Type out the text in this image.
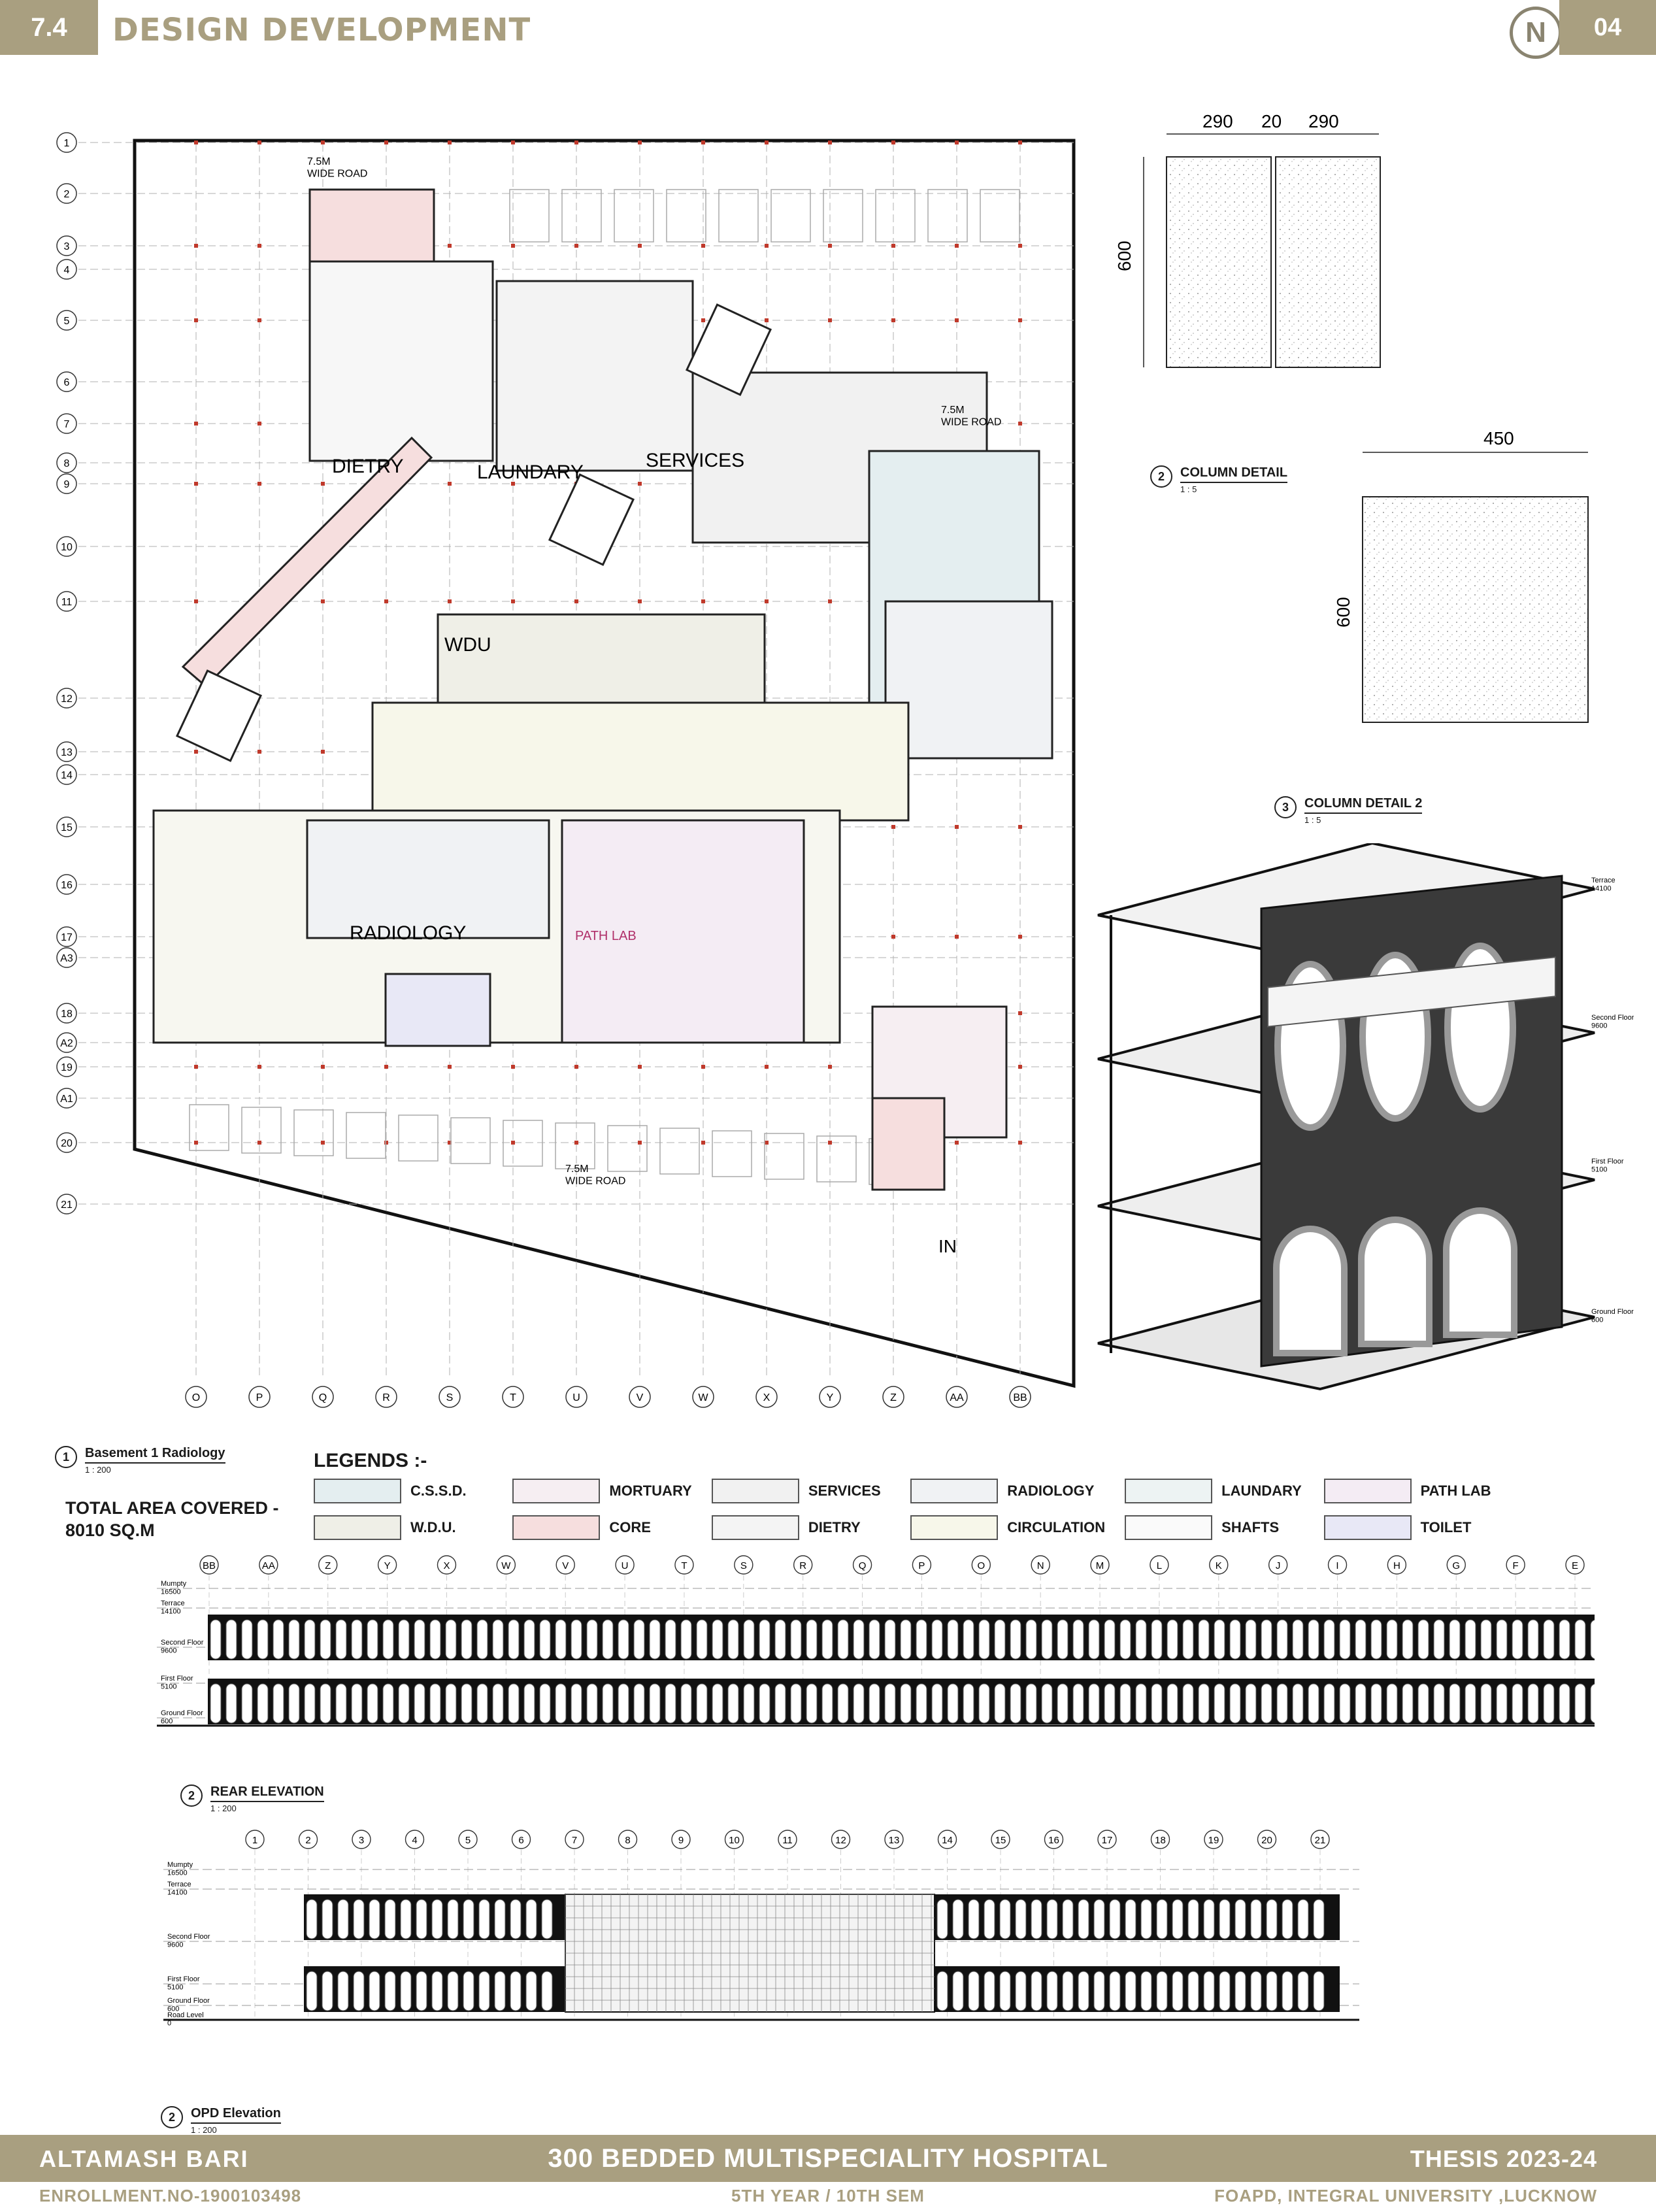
7.4	DESIGN DEVELOPMENT	N	04
1
2
3
4
5
6
7
8
9
10
11
12
13
14
15
16
17
A3
18
A2
19
A1
20
21
O	P	Q	R	S	T	U	V	W	X	Y	Z	AA	BB
DIETRY	LAUNDARY
SERVICES
WDU
RADIOLOGY	PATH LAB
7.5M WIDE ROAD
7.5M WIDE ROAD
7.5M WIDE ROAD
IN
290 20 290
600
2	COLUMN DETAIL
1 : 5
450
600
3	COLUMN DETAIL 2
1 : 5
Terrace 14100
Second Floor 9600
First Floor 5100
Ground Floor 600
1	Basement 1 Radiology
1 : 200
TOTAL AREA COVERED -
8010 SQ.M
LEGENDS :-
C.S.S.D.	MORTUARY	SERVICES	RADIOLOGY	LAUNDARY	PATH LAB
W.D.U.	CORE	DIETRY	CIRCULATION	SHAFTS	TOILET
BB	AA	Z	Y	X	W	V	U	T	S	R	Q	P	O	N	M	L	K	J	I	H	G	F	E
Mumpty 16500
Terrace 14100
Second Floor 9600
First Floor 5100
Ground Floor 600
2	REAR ELEVATION
1 : 200
1	2	3	4	5	6	7	8	9	10	11	12	13	14	15	16	17	18	19	20	21
Mumpty 16500
Terrace 14100
Second Floor 9600
First Floor 5100
Ground Floor 600
Road Level 0
2	OPD Elevation
1 : 200
ALTAMASH BARI	300 BEDDED MULTISPECIALITY HOSPITAL	THESIS 2023-24
ENROLLMENT.NO-1900103498	5TH YEAR / 10TH SEM	FOAPD, INTEGRAL UNIVERSITY ,LUCKNOW
